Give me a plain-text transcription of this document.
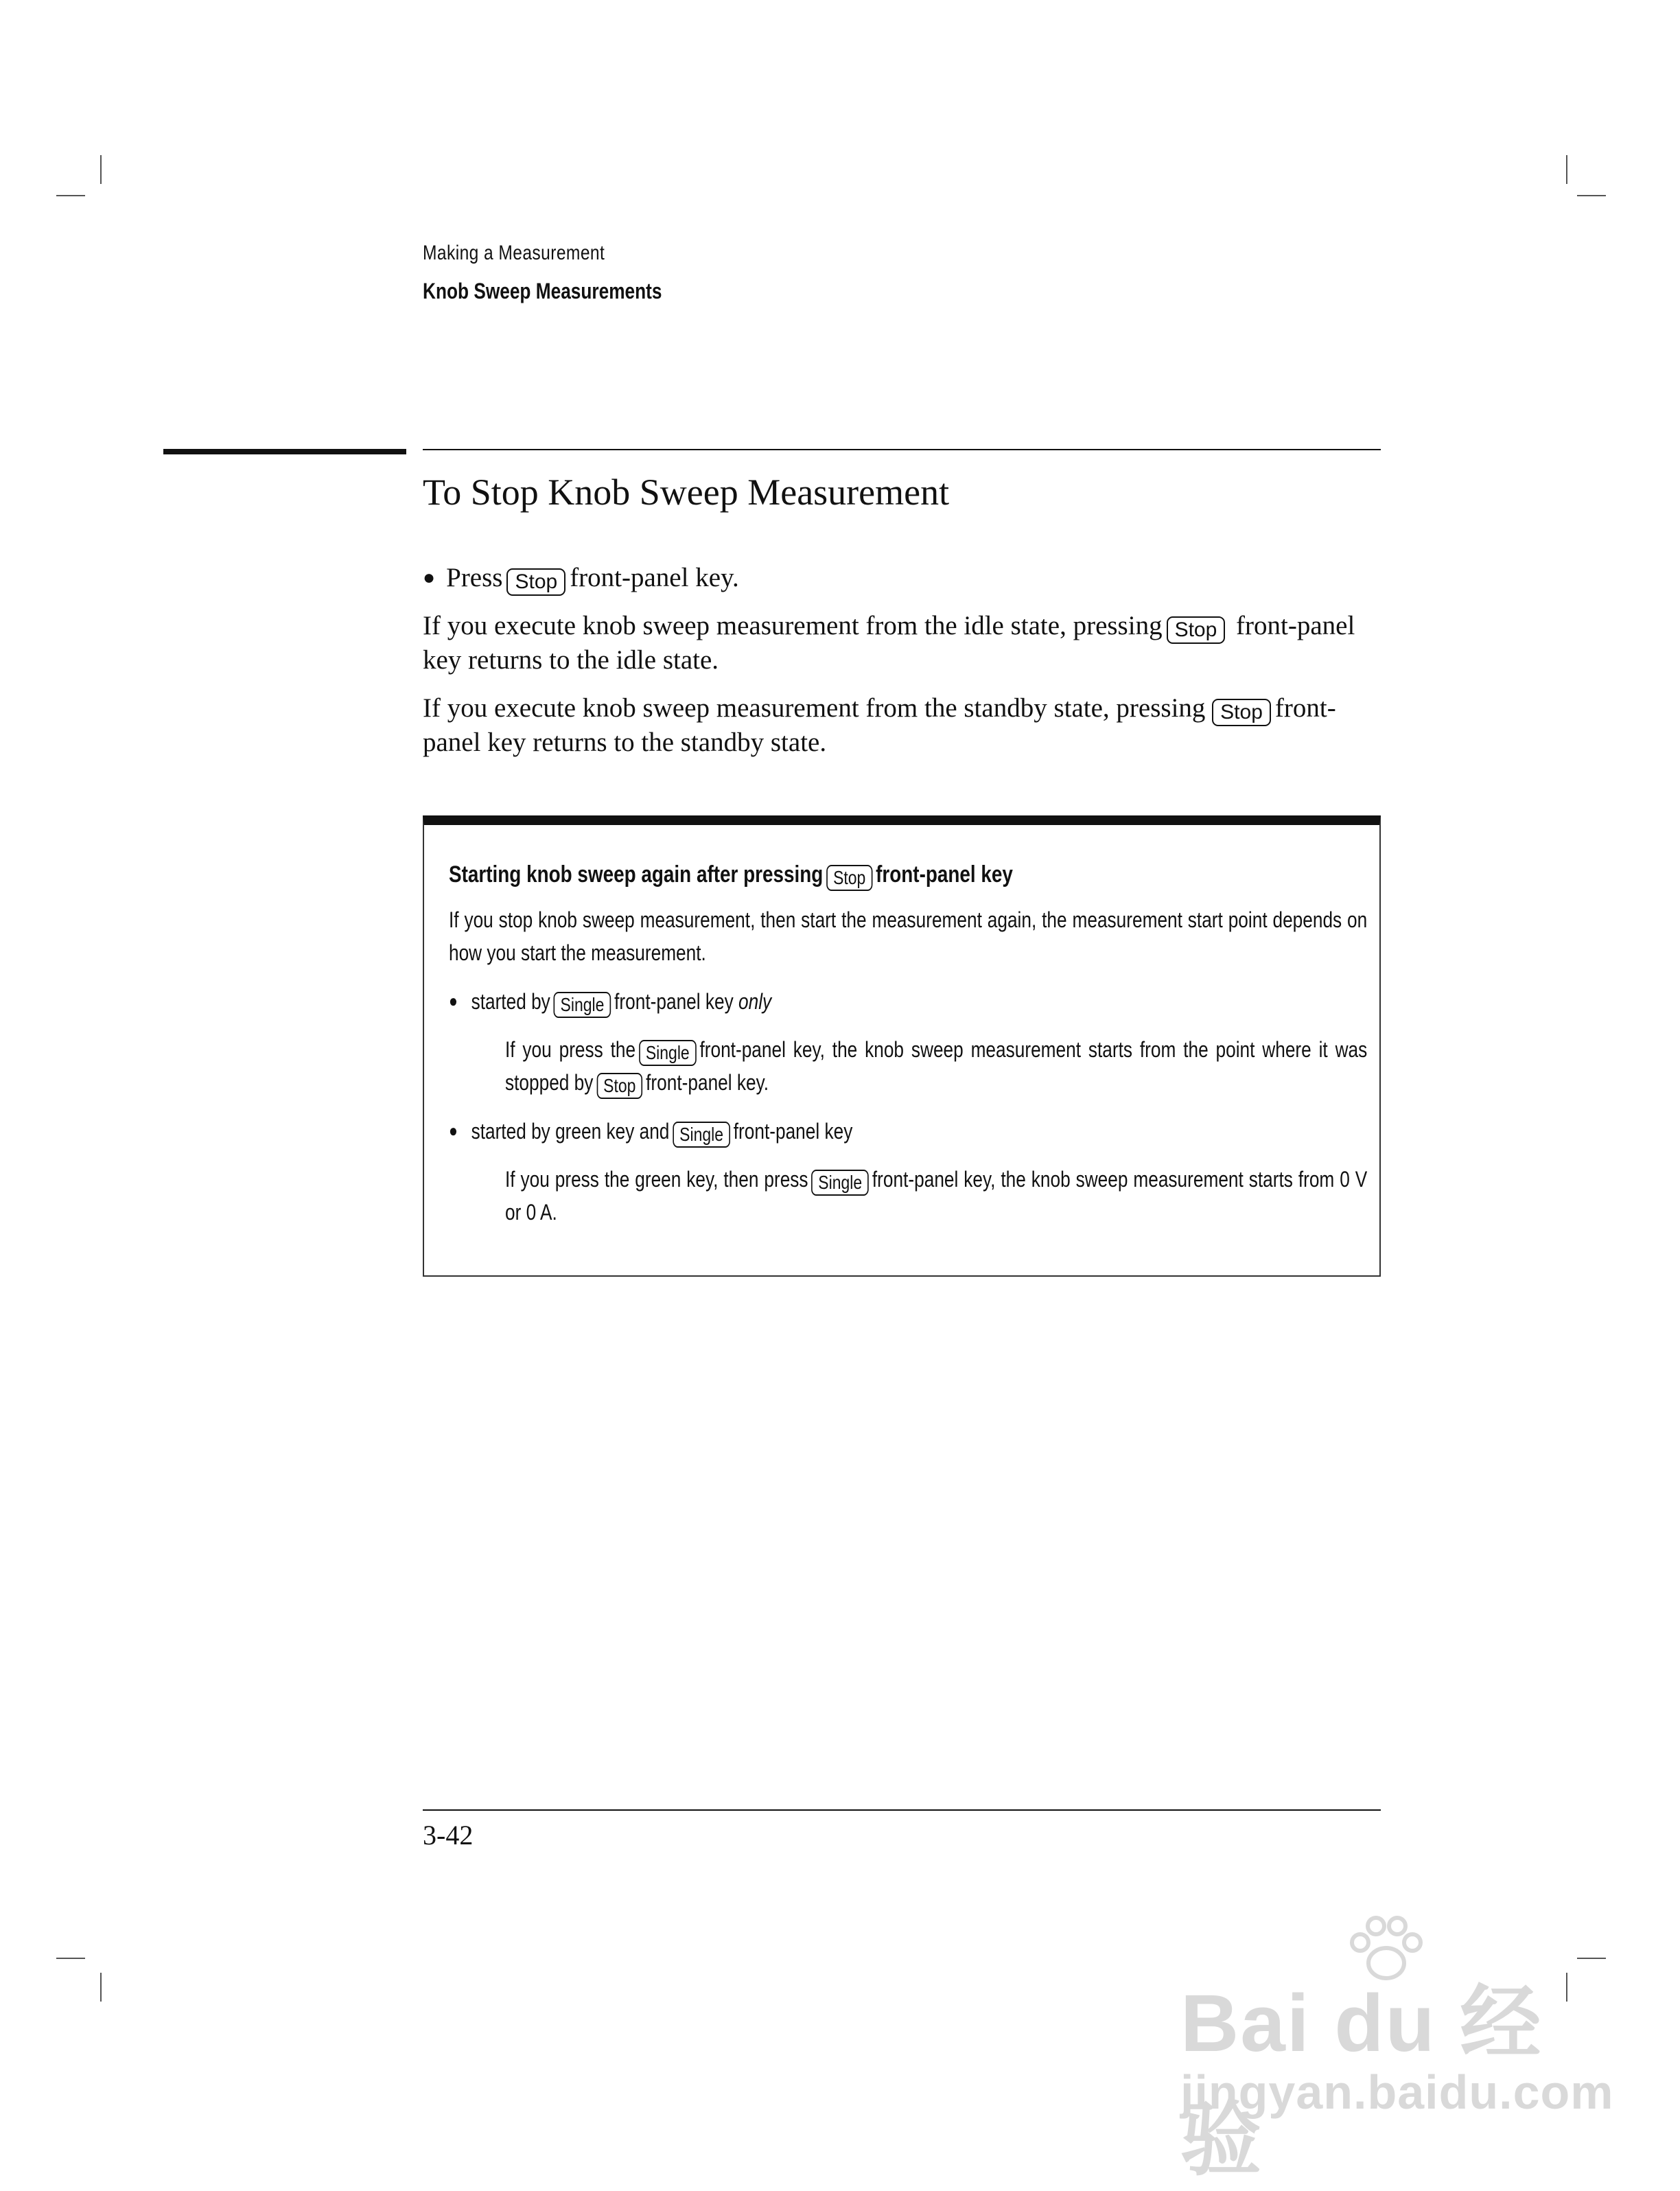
Making a Measurement
Knob Sweep Measurements
To Stop Knob Sweep Measurement
● Press Stop front-panel key.
If you execute knob sweep measurement from the idle state, pressing Stop front-panel key returns to the idle state.
If you execute knob sweep measurement from the standby state, pressing Stop front-panel key returns to the standby state.
Starting knob sweep again after pressing Stop front-panel key
If you stop knob sweep measurement, then start the measurement again, the measurement start point depends on how you start the measurement.
● started by Single front-panel key only
If you press the Single front-panel key, the knob sweep measurement starts from the point where it was stopped by Stop front-panel key.
● started by green key and Single front-panel key
If you press the green key, then press Single front-panel key, the knob sweep measurement starts from 0 V or 0 A.
3-42
Bai du 经验
jingyan.baidu.com
